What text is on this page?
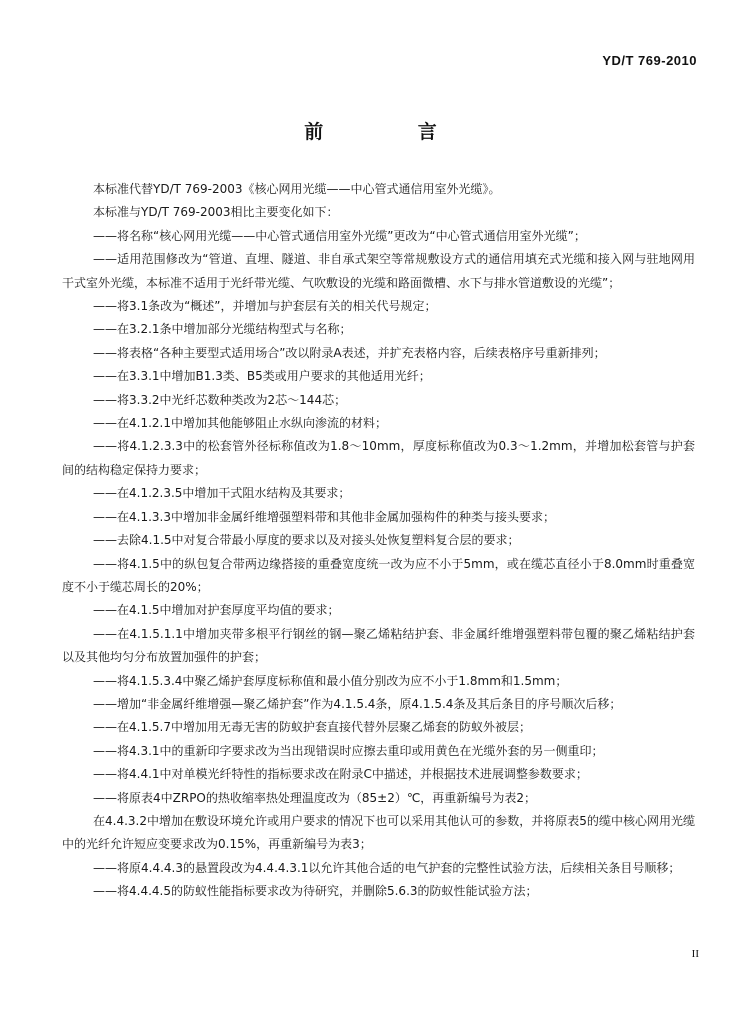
YD/T 769-2010
前 言

本标准代替YD/T 769-2003《核心网用光缆——中心管式通信用室外光缆》。

本标准与YD/T 769-2003相比主要变化如下：

——将名称“核心网用光缆——中心管式通信用室外光缆”更改为“中心管式通信用室外光缆”；

——适用范围修改为“管道、直埋、隧道、非自承式架空等常规敷设方式的通信用填充式光缆和接入网与驻地网用干式室外光缆，本标准不适用于光纤带光缆、气吹敷设的光缆和路面微槽、水下与排水管道敷设的光缆”；

——将3.1条改为“概述”，并增加与护套层有关的相关代号规定；

——在3.2.1条中增加部分光缆结构型式与名称；

——将表格“各种主要型式适用场合”改以附录A表述，并扩充表格内容，后续表格序号重新排列；

——在3.3.1中增加B1.3类、B5类或用户要求的其他适用光纤；

——将3.3.2中光纤芯数种类改为2芯～144芯；

——在4.1.2.1中增加其他能够阻止水纵向渗流的材料；

——将4.1.2.3.3中的松套管外径标称值改为1.8～10mm，厚度标称值改为0.3～1.2mm，并增加松套管与护套间的结构稳定保持力要求；

——在4.1.2.3.5中增加干式阻水结构及其要求；

——在4.1.3.3中增加非金属纤维增强塑料带和其他非金属加强构件的种类与接头要求；

——去除4.1.5中对复合带最小厚度的要求以及对接头处恢复塑料复合层的要求；

——将4.1.5中的纵包复合带两边缘搭接的重叠宽度统一改为应不小于5mm，或在缆芯直径小于8.0mm时重叠宽度不小于缆芯周长的20%；

——在4.1.5中增加对护套厚度平均值的要求；

——在4.1.5.1.1中增加夹带多根平行钢丝的钢—聚乙烯粘结护套、非金属纤维增强塑料带包覆的聚乙烯粘结护套以及其他均匀分布放置加强件的护套；

——将4.1.5.3.4中聚乙烯护套厚度标称值和最小值分别改为应不小于1.8mm和1.5mm；

——增加“非金属纤维增强—聚乙烯护套”作为4.1.5.4条，原4.1.5.4条及其后条目的序号顺次后移；

——在4.1.5.7中增加用无毒无害的防蚁护套直接代替外层聚乙烯套的防蚁外被层；

——将4.3.1中的重新印字要求改为当出现错误时应擦去重印或用黄色在光缆外套的另一侧重印；

——将4.4.1中对单模光纤特性的指标要求改在附录C中描述，并根据技术进展调整参数要求；

——将原表4中ZRPO的热收缩率热处理温度改为（85±2）℃，再重新编号为表2；

在4.4.3.2中增加在敷设环境允许或用户要求的情况下也可以采用其他认可的参数，并将原表5的缆中核心网用光缆中的光纤允许短应变要求改为0.15%，再重新编号为表3；

——将原4.4.4.3的悬置段改为4.4.4.3.1以允许其他合适的电气护套的完整性试验方法，后续相关条目号顺移；

——将4.4.4.5的防蚁性能指标要求改为待研究，并删除5.6.3的防蚁性能试验方法；

II
